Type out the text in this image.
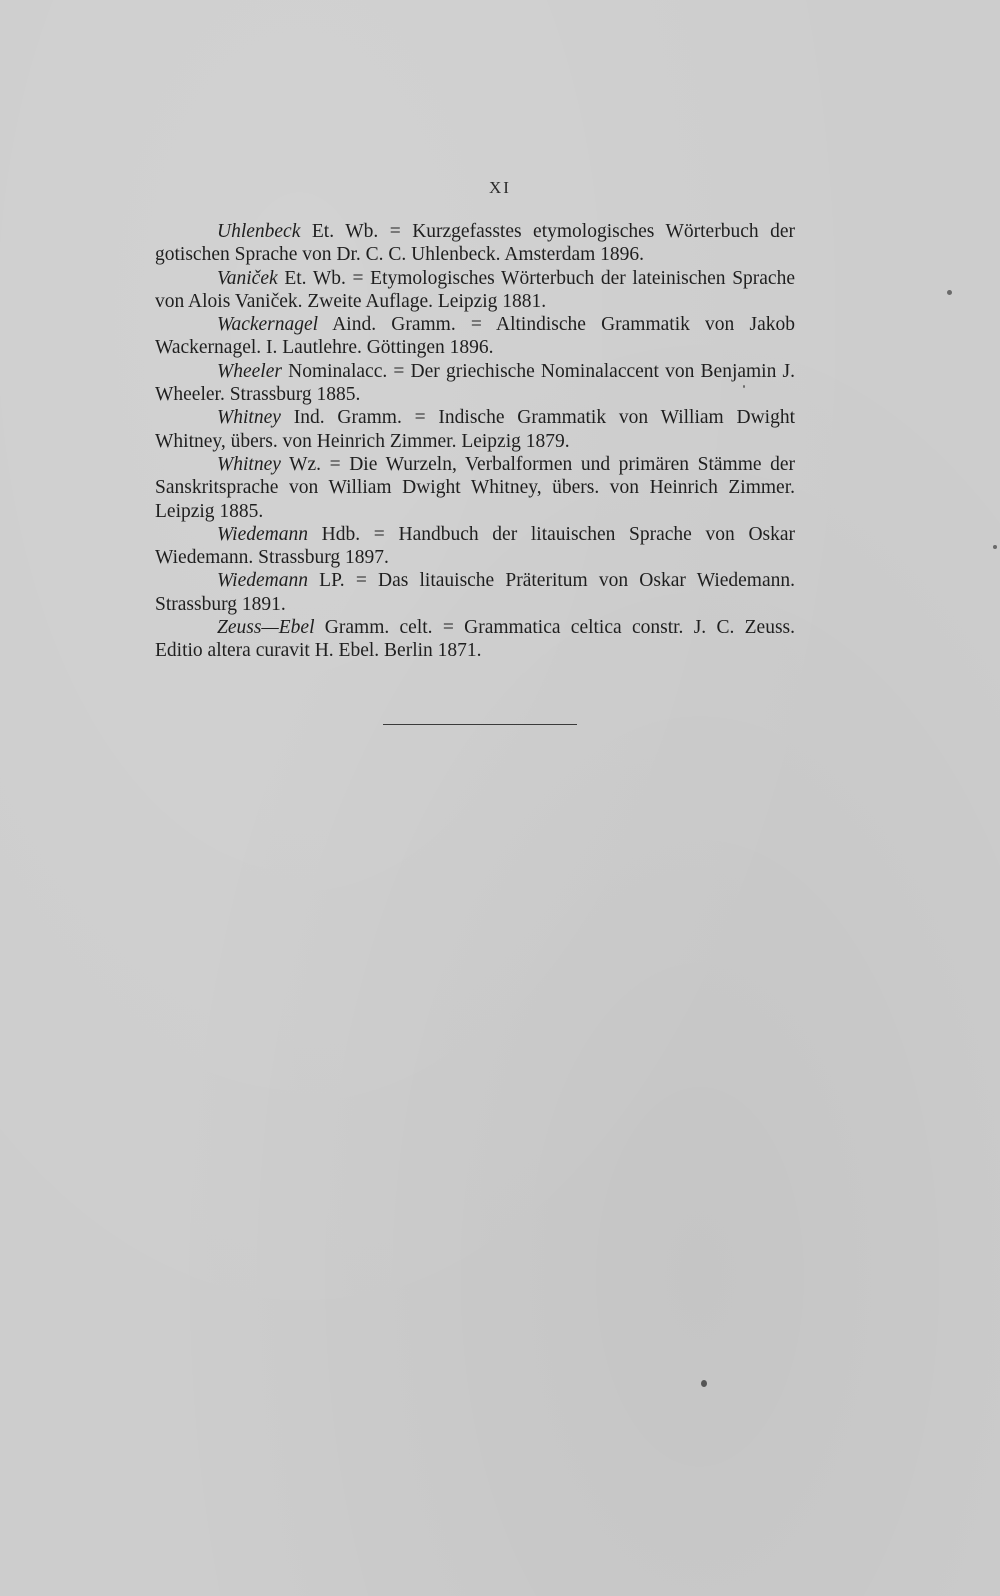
XI

Uhlenbeck Et. Wb. = Kurzgefasstes etymologisches Wörterbuch der gotischen Sprache von Dr. C. C. Uhlenbeck. Amsterdam 1896.

Vaniček Et. Wb. = Etymologisches Wörterbuch der lateinischen Sprache von Alois Vaniček. Zweite Auflage. Leipzig 1881.

Wackernagel Aind. Gramm. = Altindische Grammatik von Jakob Wackernagel. I. Lautlehre. Göttingen 1896.

Wheeler Nominalacc. = Der griechische Nominalaccent von Benjamin J. Wheeler. Strassburg 1885.

Whitney Ind. Gramm. = Indische Grammatik von William Dwight Whitney, übers. von Heinrich Zimmer. Leipzig 1879.

Whitney Wz. = Die Wurzeln, Verbalformen und primären Stämme der Sanskritsprache von William Dwight Whitney, übers. von Heinrich Zimmer. Leipzig 1885.

Wiedemann Hdb. = Handbuch der litauischen Sprache von Oskar Wiedemann. Strassburg 1897.

Wiedemann LP. = Das litauische Präteritum von Oskar Wiedemann. Strassburg 1891.

Zeuss—Ebel Gramm. celt. = Grammatica celtica constr. J. C. Zeuss. Editio altera curavit H. Ebel. Berlin 1871.
